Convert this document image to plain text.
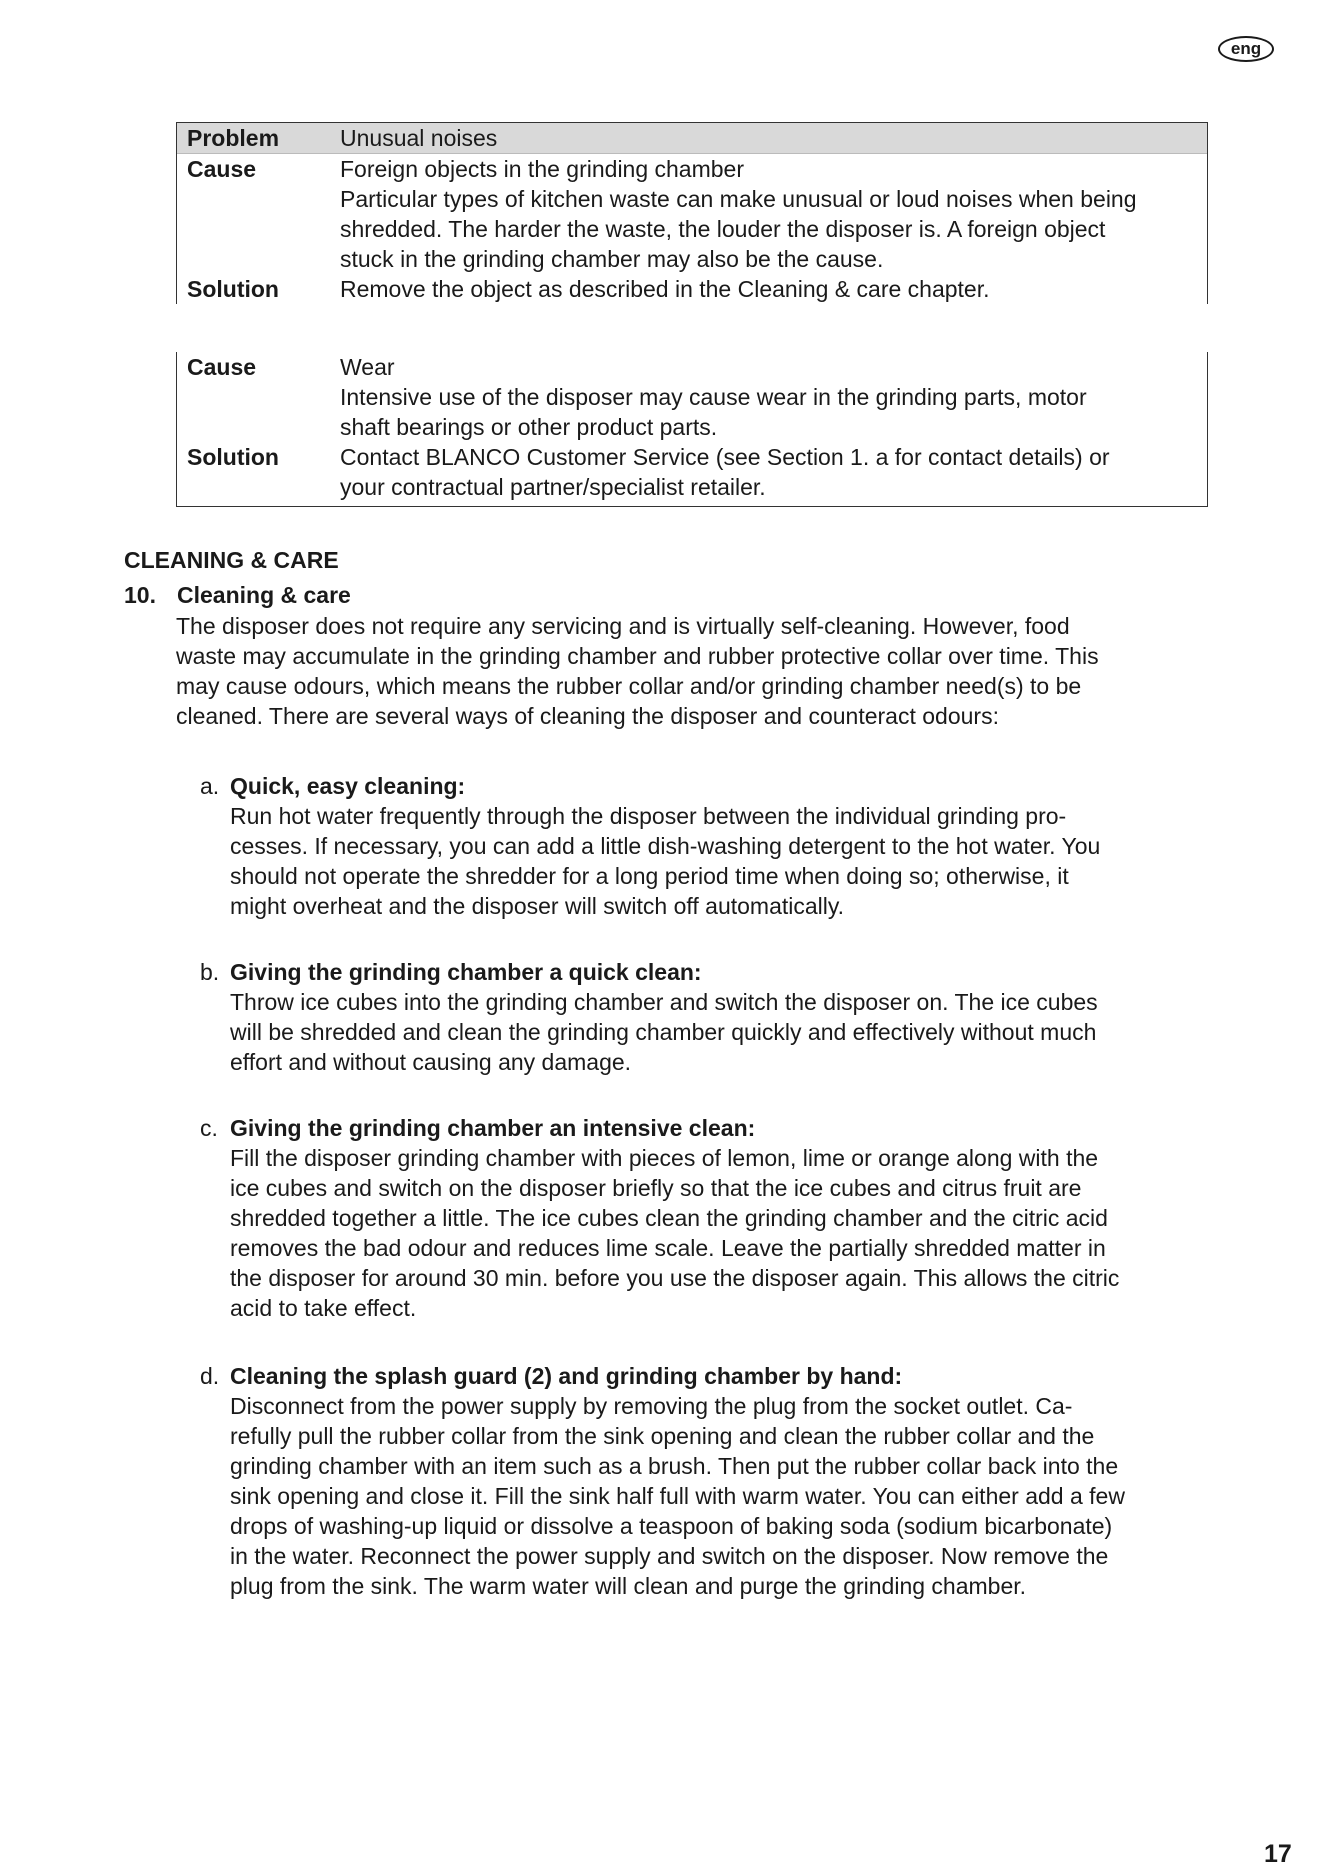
eng
Problem	Unusual noises
Cause	Foreign objects in the grinding chamber
Particular types of kitchen waste can make unusual or loud noises when being
shredded. The harder the waste, the louder the disposer is. A foreign object
stuck in the grinding chamber may also be the cause.
Solution	Remove the object as described in the Cleaning & care chapter.
Cause	Wear
Intensive use of the disposer may cause wear in the grinding parts, motor
shaft bearings or other product parts.
Solution	Contact BLANCO Customer Service (see Section 1. a for contact details) or
your contractual partner/specialist retailer.
CLEANING & CARE
10. Cleaning & care
The disposer does not require any servicing and is virtually self-cleaning. However, food
waste may accumulate in the grinding chamber and rubber protective collar over time. This
may cause odours, which means the rubber collar and/or grinding chamber need(s) to be
cleaned. There are several ways of cleaning the disposer and counteract odours:
a. Quick, easy cleaning:
Run hot water frequently through the disposer between the individual grinding pro-
cesses. If necessary, you can add a little dish-washing detergent to the hot water. You
should not operate the shredder for a long period time when doing so; otherwise, it
might overheat and the disposer will switch off automatically.
b. Giving the grinding chamber a quick clean:
Throw ice cubes into the grinding chamber and switch the disposer on. The ice cubes
will be shredded and clean the grinding chamber quickly and effectively without much
effort and without causing any damage.
c. Giving the grinding chamber an intensive clean:
Fill the disposer grinding chamber with pieces of lemon, lime or orange along with the
ice cubes and switch on the disposer briefly so that the ice cubes and citrus fruit are
shredded together a little. The ice cubes clean the grinding chamber and the citric acid
removes the bad odour and reduces lime scale. Leave the partially shredded matter in
the disposer for around 30 min. before you use the disposer again. This allows the citric
acid to take effect.
d. Cleaning the splash guard (2) and grinding chamber by hand:
Disconnect from the power supply by removing the plug from the socket outlet. Ca-
refully pull the rubber collar from the sink opening and clean the rubber collar and the
grinding chamber with an item such as a brush. Then put the rubber collar back into the
sink opening and close it. Fill the sink half full with warm water. You can either add a few
drops of washing-up liquid or dissolve a teaspoon of baking soda (sodium bicarbonate)
in the water. Reconnect the power supply and switch on the disposer. Now remove the
plug from the sink. The warm water will clean and purge the grinding chamber.
17
